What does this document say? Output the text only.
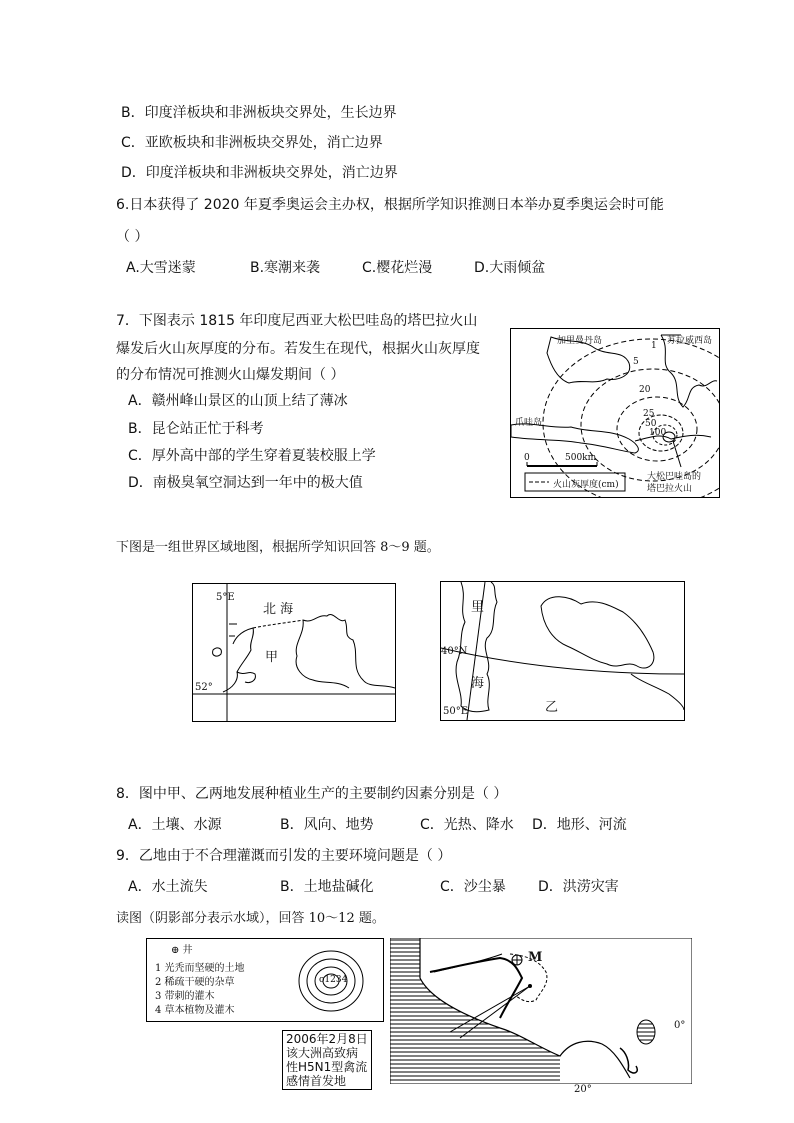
B．印度洋板块和非洲板块交界处，生长边界
C．亚欧板块和非洲板块交界处，消亡边界
D．印度洋板块和非洲板块交界处，消亡边界
6.日本获得了 2020 年夏季奥运会主办权，根据所学知识推测日本举办夏季奥运会时可能
（ ）
A.大雪迷蒙	B.寒潮来袭	C.樱花烂漫	D.大雨倾盆
7．下图表示 1815 年印度尼西亚大松巴哇岛的塔巴拉火山
爆发后火山灰厚度的分布。若发生在现代，根据火山灰厚度
的分布情况可推测火山爆发期间（ ）
A．赣州峰山景区的山顶上结了薄冰
B．昆仑站正忙于科考
C．厚外高中部的学生穿着夏装校服上学
D．南极臭氧空洞达到一年中的极大值
加里曼丹岛	苏拉威西岛
爪哇岛
1
5
20
25
50
100
0	500km
火山灰厚度(cm)
大松巴哇岛的
塔巴拉火山
下图是一组世界区域地图，根据所学知识回答 8～9 题。
5°E
北 海
甲
52°
里
海
40°N
50°E	乙
8．图中甲、乙两地发展种植业生产的主要制约因素分别是（ ）
A．土壤、水源	B．风向、地势	C．光热、降水 D．地形、河流
9．乙地由于不合理灌溉而引发的主要环境问题是（ ）
A．水土流失	B．土地盐碱化	C．沙尘暴 D．洪涝灾害
读图（阴影部分表示水域），回答 10～12 题。
M
0°
20°
⊕ 井
1 光秃而坚硬的土地
2 稀疏干硬的杂草
3 带刺的灌木
4 草本植物及灌木
o1234
2006年2月8日
该大洲高致病
性H5N1型禽流
感情首发地
